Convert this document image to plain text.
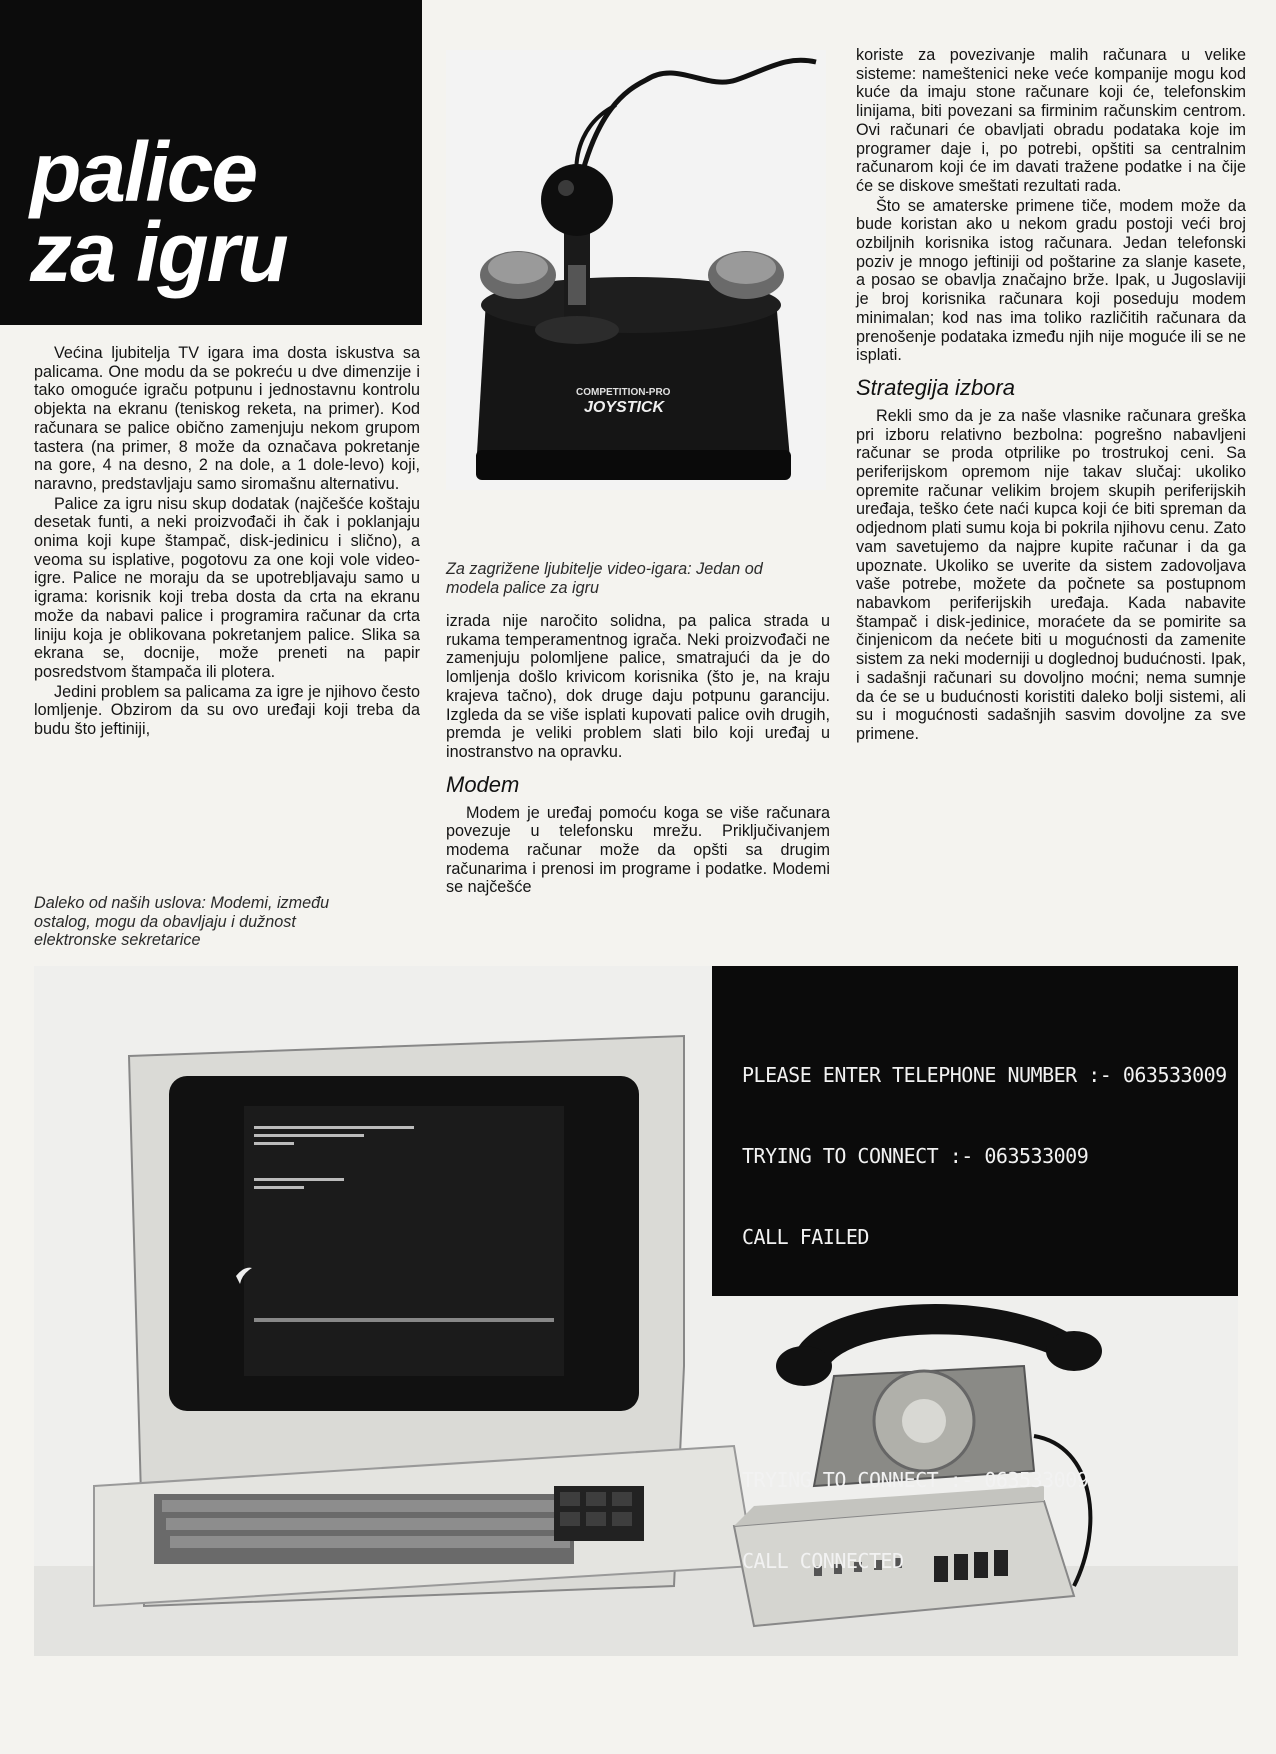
palice
za igru

Većina ljubitelja TV igara ima dosta iskustva sa palicama. One modu da se pokreću u dve dimenzije i tako omoguće igraču potpunu i jednostavnu kontrolu objekta na ekranu (teniskog reketa, na primer). Kod računara se palice obično zamenjuju nekom grupom tastera (na primer, 8 može da označava pokretanje na gore, 4 na desno, 2 na dole, a 1 dole-levo) koji, naravno, predstavljaju samo siromašnu alternativu.

Palice za igru nisu skup dodatak (najčešće koštaju desetak funti, a neki proizvođači ih čak i poklanjaju onima koji kupe štampač, disk-jedinicu i slično), a veoma su isplative, pogotovu za one koji vole video-igre. Palice ne moraju da se upotrebljavaju samo u igrama: korisnik koji treba dosta da crta na ekranu može da nabavi palice i programira računar da crta liniju koja je oblikovana pokretanjem palice. Slika sa ekrana se, docnije, može preneti na papir posredstvom štampača ili plotera.

Jedini problem sa palicama za igre je njihovo često lomljenje. Obzirom da su ovo uređaji koji treba da budu što jeftiniji,

Daleko od naših uslova: Modemi, između ostalog, mogu da obavljaju i dužnost elektronske sekretarice
COMPETITION-PRO
JOYSTICK
Za zagrižene ljubitelje video-igara: Jedan od modela palice za igru

izrada nije naročito solidna, pa palica strada u rukama temperamentnog igrača. Neki proizvođači ne zamenjuju polomljene palice, smatrajući da je do lomljenja došlo krivicom korisnika (što je, na kraju krajeva tačno), dok druge daju potpunu garanciju. Izgleda da se više isplati kupovati palice ovih drugih, premda je veliki problem slati bilo koji uređaj u inostranstvo na opravku.

Modem

Modem je uređaj pomoću koga se više računara povezuje u telefonsku mrežu. Priključivanjem modema računar može da opšti sa drugim računarima i prenosi im programe i podatke. Modemi se najčešće

koriste za povezivanje malih računara u velike sisteme: nameštenici neke veće kompanije mogu kod kuće da imaju stone računare koji će, telefonskim linijama, biti povezani sa firminim računskim centrom. Ovi računari će obavljati obradu podataka koje im programer daje i, po potrebi, opštiti sa centralnim računarom koji će im davati tražene podatke i na čije će se diskove smeštati rezultati rada.

Što se amaterske primene tiče, modem može da bude koristan ako u nekom gradu postoji veći broj ozbiljnih korisnika istog računara. Jedan telefonski poziv je mnogo jeftiniji od poštarine za slanje kasete, a posao se obavlja značajno brže. Ipak, u Jugoslaviji je broj korisnika računara koji poseduju modem minimalan; kod nas ima toliko različitih računara da prenošenje podataka između njih nije moguće ili se ne isplati.

Strategija izbora

Rekli smo da je za naše vlasnike računara greška pri izboru relativno bezbolna: pogrešno nabavljeni računar se proda otprilike po trostrukoj ceni. Sa periferijskom opremom nije takav slučaj: ukoliko opremite računar velikim brojem skupih periferijskih uređaja, teško ćete naći kupca koji će biti spreman da odjednom plati sumu koja bi pokrila njihovu cenu. Zato vam savetujemo da najpre kupite računar i da ga upoznate. Ukoliko se uverite da sistem zadovoljava vaše potrebe, možete da počnete sa postupnom nabavkom periferijskih uređaja. Kada nabavite štampač i disk-jedinice, moraćete da se pomirite sa činjenicom da nećete biti u mogućnosti da zamenite sistem za neki moderniji u doglednoj budućnosti. Ipak, i sadašnji računari su dovoljno moćni; nema sumnje da će se u budućnosti koristiti daleko bolji sistemi, ali su i mogućnosti sadašnjih sasvim dovoljne za sve primene.

PLEASE ENTER TELEPHONE NUMBER :- 063533009

TRYING TO CONNECT :- 063533009

CALL FAILED

TRYING TO CONNECT :- 063533009

CALL CONNECTED
